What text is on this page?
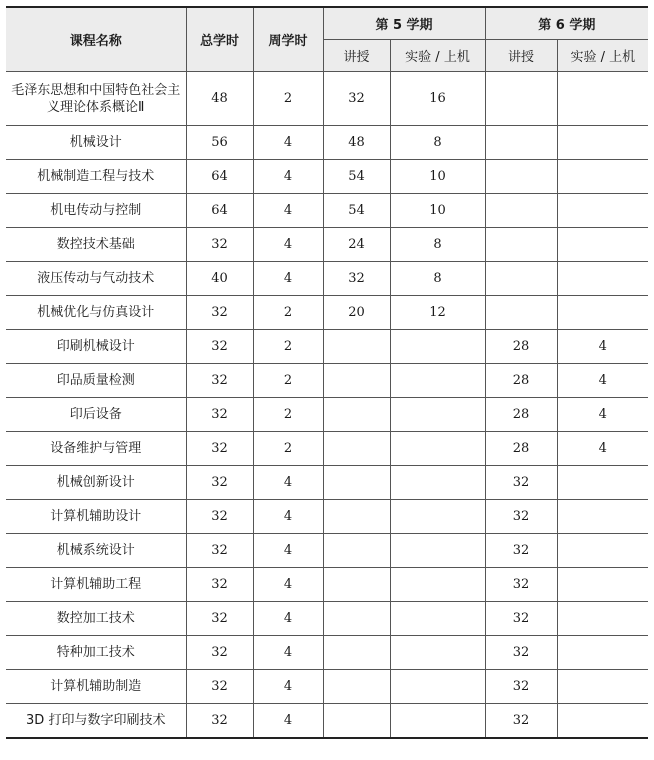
课程名称	总学时	周学时	第 5 学期		第 6 学期	
			讲授	实验 / 上机	讲授	实验 / 上机
毛泽东思想和中国特色社会主义理论体系概论Ⅱ	48	2	32	16		
机械设计	56	4	48	8		
机械制造工程与技术	64	4	54	10		
机电传动与控制	64	4	54	10		
数控技术基础	32	4	24	8		
液压传动与气动技术	40	4	32	8		
机械优化与仿真设计	32	2	20	12		
印刷机械设计	32	2			28	4
印品质量检测	32	2			28	4
印后设备	32	2			28	4
设备维护与管理	32	2			28	4
机械创新设计	32	4			32	
计算机辅助设计	32	4			32	
机械系统设计	32	4			32	
计算机辅助工程	32	4			32	
数控加工技术	32	4			32	
特种加工技术	32	4			32	
计算机辅助制造	32	4			32	
3D 打印与数字印刷技术	32	4			32	
